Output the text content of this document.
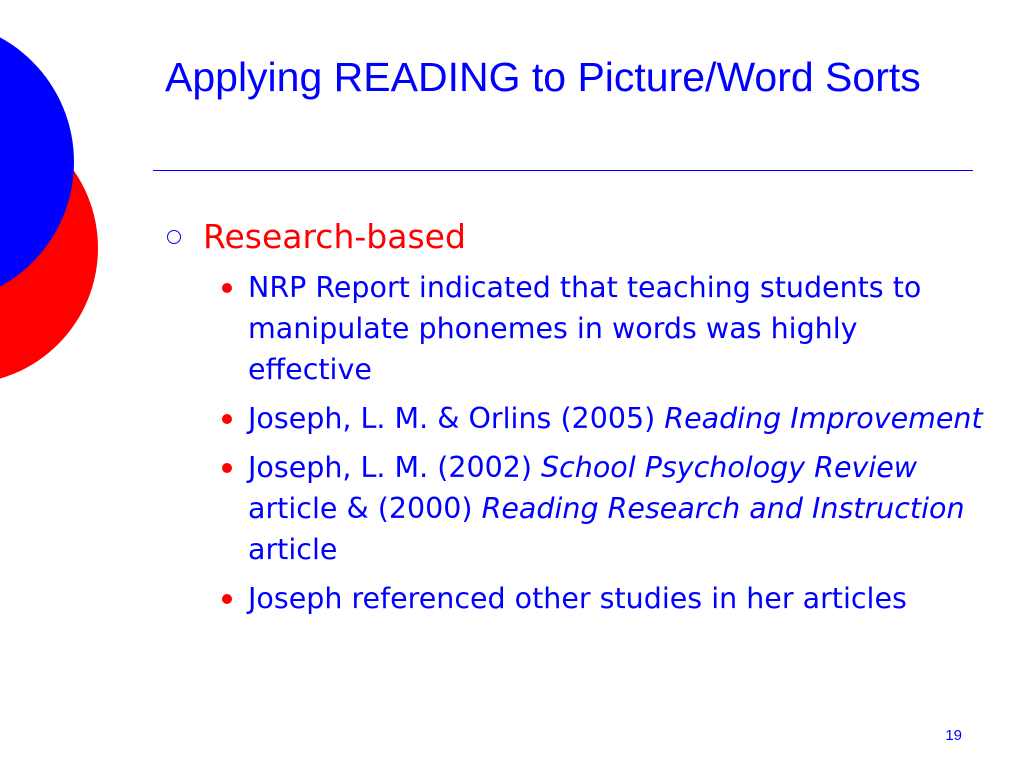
Applying READING to Picture/Word Sorts
Research-based
NRP Report indicated that teaching students to manipulate phonemes in words was highly effective
Joseph, L. M. & Orlins (2005) Reading Improvement
Joseph, L. M. (2002) School Psychology Review article & (2000) Reading Research and Instruction article
Joseph referenced other studies in her articles
19
